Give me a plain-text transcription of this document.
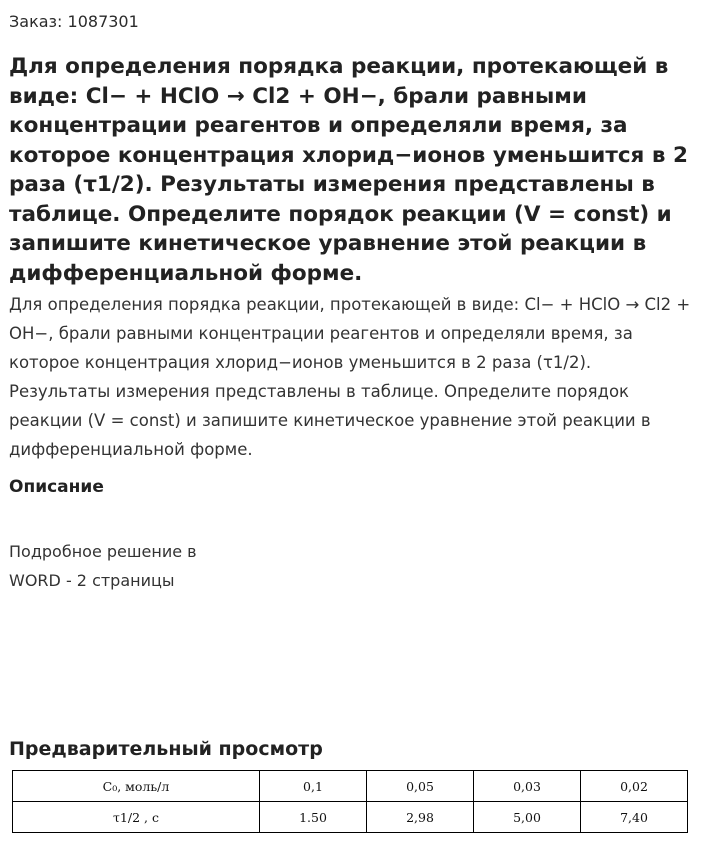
Заказ: 1087301
Для определения порядка реакции, протекающей в виде: Cl− + HClO → Cl2 + OH−, брали равными концентрации реагентов и определяли время, за которое концентрация хлорид−ионов уменьшится в 2 раза (τ1/2). Результаты измерения представлены в таблице. Определите порядок реакции (V = const) и запишите кинетическое уравнение этой реакции в дифференциальной форме.
Для определения порядка реакции, протекающей в виде: Cl− + HClO → Cl2 + OH−, брали равными концентрации реагентов и определяли время, за которое концентрация хлорид−ионов уменьшится в 2 раза (τ1/2). Результаты измерения представлены в таблице. Определите порядок реакции (V = const) и запишите кинетическое уравнение этой реакции в дифференциальной форме.
Описание
Подробное решение в
WORD - 2 страницы
Предварительный просмотр
C₀, моль/л	0,1	0,05	0,03	0,02
τ1/2 , с	1.50	2,98	5,00	7,40
